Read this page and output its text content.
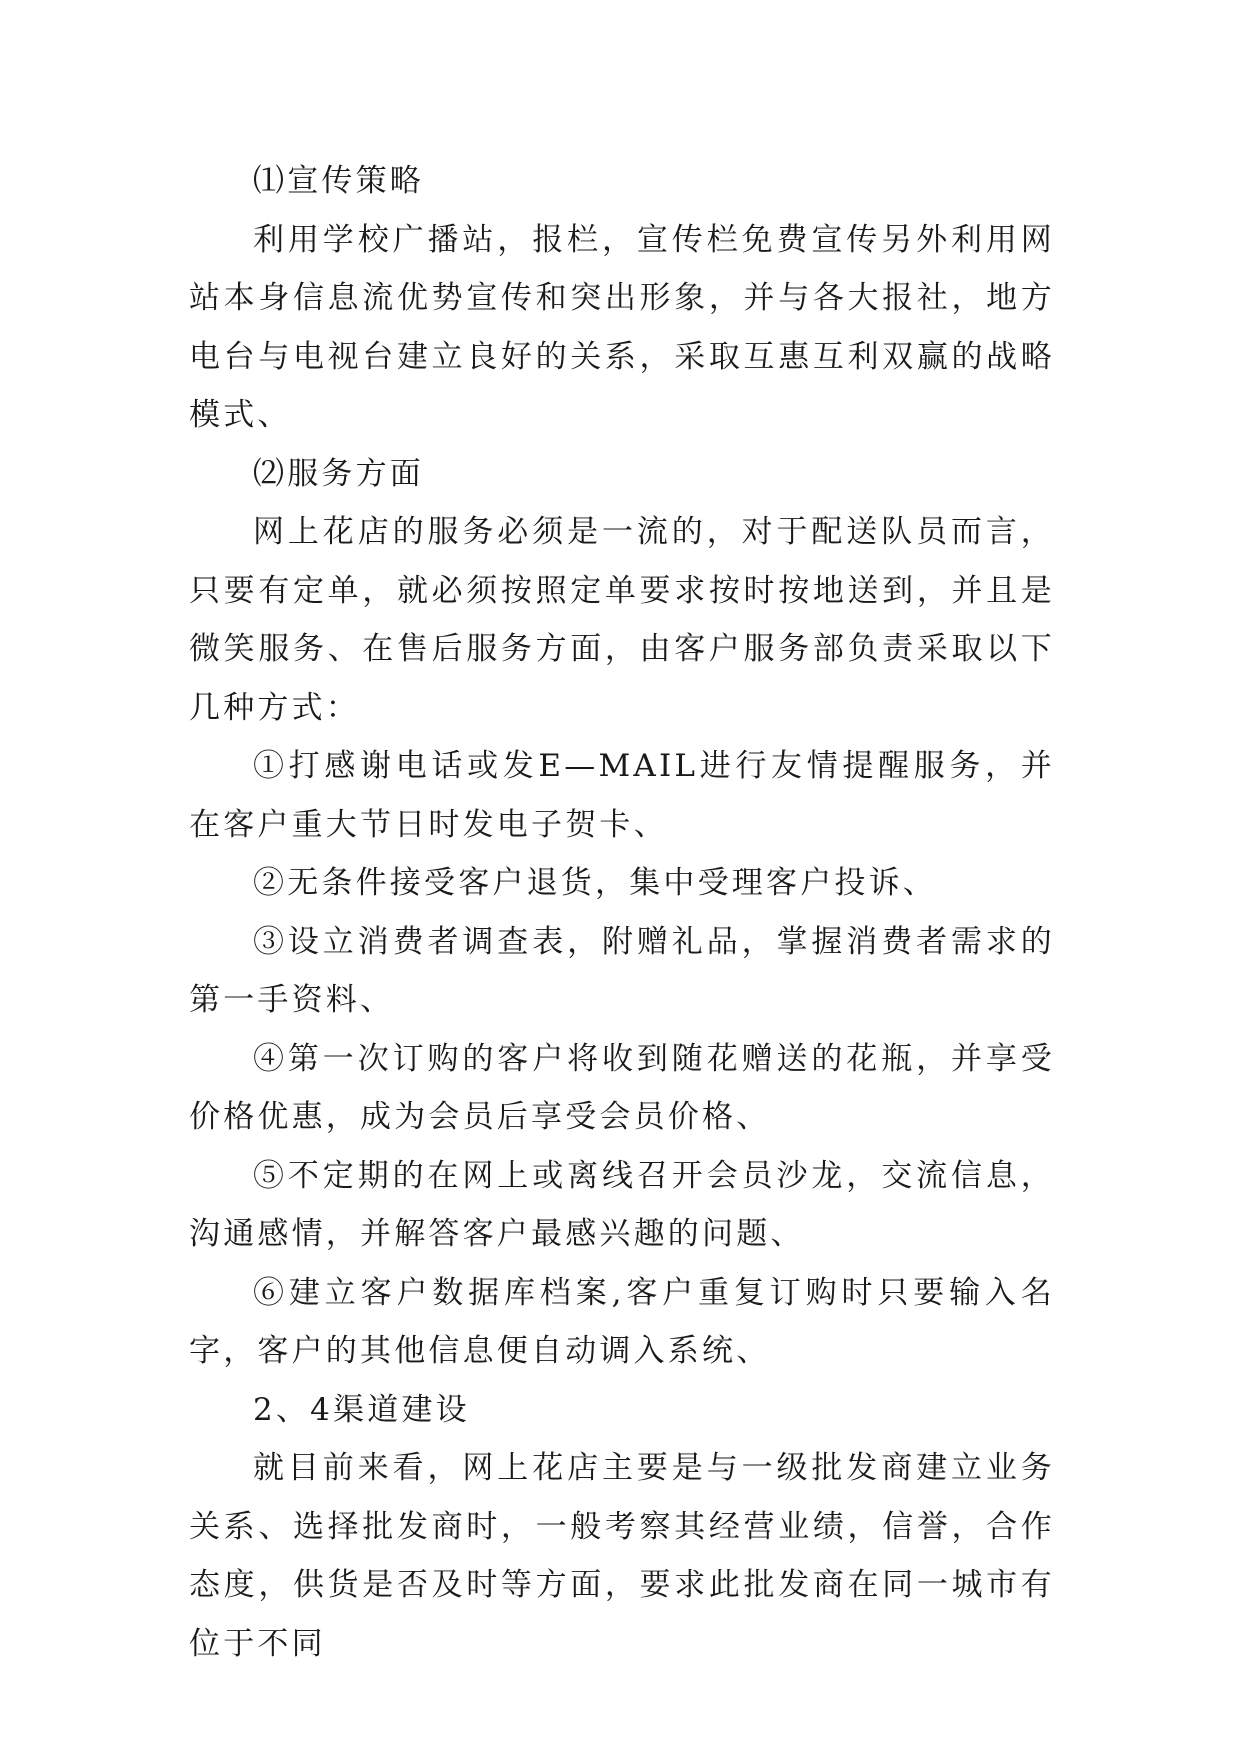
⑴宣传策略

利用学校广播站，报栏，宣传栏免费宣传另外利用网站本身信息流优势宣传和突出形象，并与各大报社，地方电台与电视台建立良好的关系，采取互惠互利双赢的战略模式、

⑵服务方面

网上花店的服务必须是一流的，对于配送队员而言，只要有定单，就必须按照定单要求按时按地送到，并且是微笑服务、在售后服务方面，由客户服务部负责采取以下几种方式：

①打感谢电话或发E—MAIL进行友情提醒服务，并在客户重大节日时发电子贺卡、

②无条件接受客户退货，集中受理客户投诉、

③设立消费者调查表，附赠礼品，掌握消费者需求的第一手资料、

④第一次订购的客户将收到随花赠送的花瓶，并享受价格优惠，成为会员后享受会员价格、

⑤不定期的在网上或离线召开会员沙龙，交流信息，沟通感情，并解答客户最感兴趣的问题、

⑥建立客户数据库档案,客户重复订购时只要输入名字，客户的其他信息便自动调入系统、

2、4渠道建设

就目前来看，网上花店主要是与一级批发商建立业务关系、选择批发商时，一般考察其经营业绩，信誉，合作态度，供货是否及时等方面，要求此批发商在同一城市有位于不同
